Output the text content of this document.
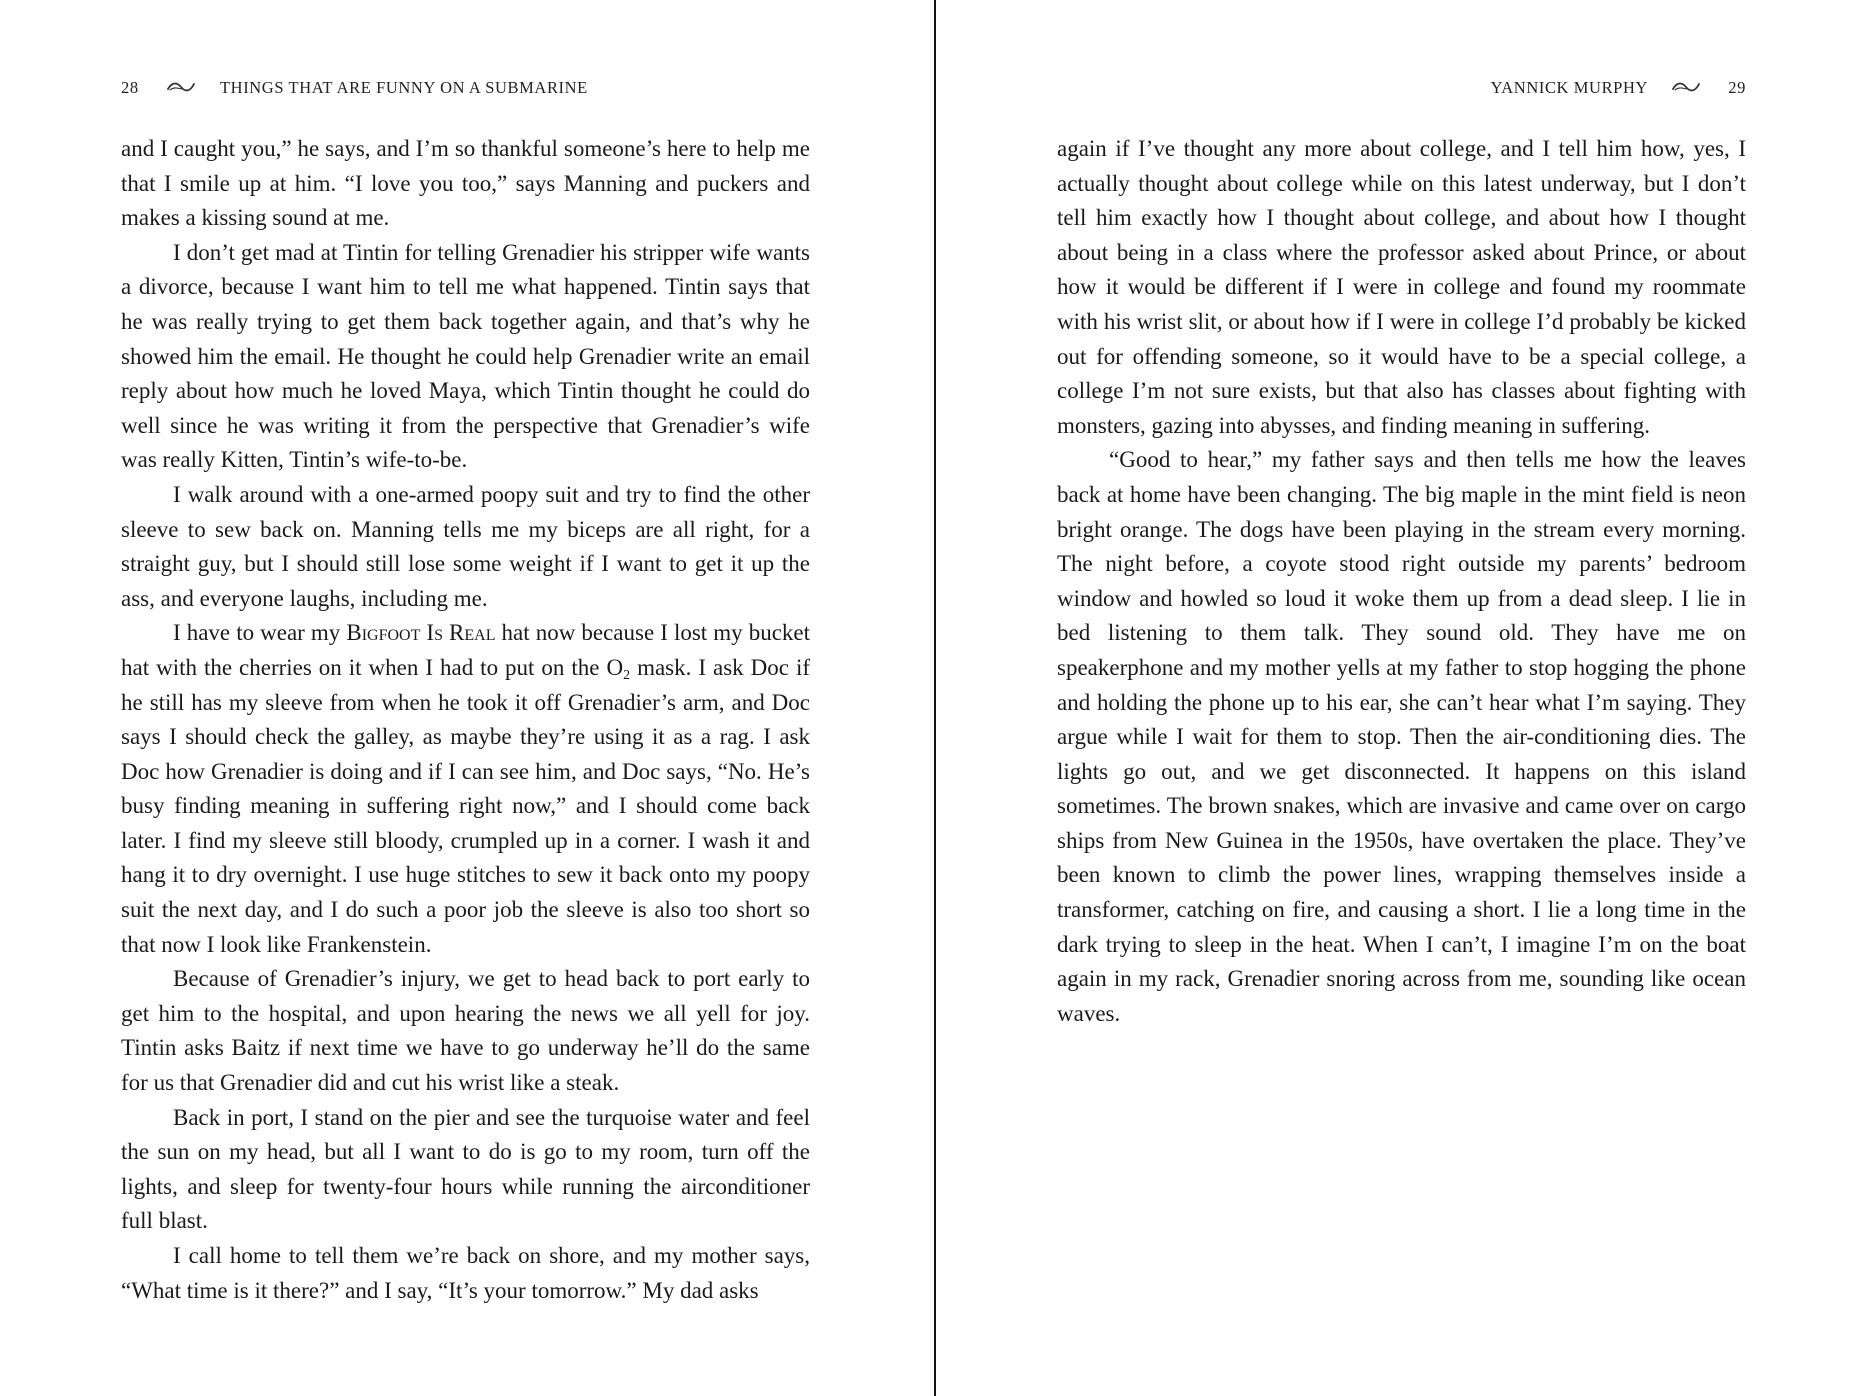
28	THINGS THAT ARE FUNNY ON A SUBMARINE

and I caught you,” he says, and I’m so thankful someone’s here to help me that I smile up at him. “I love you too,” says Manning and puckers and makes a kissing sound at me.

I don’t get mad at Tintin for telling Grenadier his stripper wife wants a divorce, because I want him to tell me what happened. Tintin says that he was really trying to get them back together again, and that’s why he showed him the email. He thought he could help Grenadier write an email reply about how much he loved Maya, which Tintin thought he could do well since he was writing it from the perspective that Grenadier’s wife was really Kitten, Tintin’s wife-to-be.

I walk around with a one-armed poopy suit and try to find the other sleeve to sew back on. Manning tells me my biceps are all right, for a straight guy, but I should still lose some weight if I want to get it up the ass, and everyone laughs, including me.

I have to wear my Bigfoot Is Real hat now because I lost my bucket hat with the cherries on it when I had to put on the $O_2$ mask. I ask Doc if he still has my sleeve from when he took it off Grenadier’s arm, and Doc says I should check the galley, as maybe they’re using it as a rag. I ask Doc how Grenadier is doing and if I can see him, and Doc says, “No. He’s busy finding meaning in suffering right now,” and I should come back later. I find my sleeve still bloody, crumpled up in a corner. I wash it and hang it to dry overnight. I use huge stitches to sew it back onto my poopy suit the next day, and I do such a poor job the sleeve is also too short so that now I look like Frankenstein.

Because of Grenadier’s injury, we get to head back to port early to get him to the hospital, and upon hearing the news we all yell for joy. Tintin asks Baitz if next time we have to go underway he’ll do the same for us that Grenadier did and cut his wrist like a steak.

Back in port, I stand on the pier and see the turquoise water and feel the sun on my head, but all I want to do is go to my room, turn off the lights, and sleep for twenty-four hours while running the airconditioner full blast.

I call home to tell them we’re back on shore, and my mother says, “What time is it there?” and I say, “It’s your tomorrow.” My dad asks

YANNICK MURPHY	29

again if I’ve thought any more about college, and I tell him how, yes, I actually thought about college while on this latest underway, but I don’t tell him exactly how I thought about college, and about how I thought about being in a class where the professor asked about Prince, or about how it would be different if I were in college and found my roommate with his wrist slit, or about how if I were in college I’d probably be kicked out for offending someone, so it would have to be a special college, a college I’m not sure exists, but that also has classes about fighting with monsters, gazing into abysses, and finding meaning in suffering.

“Good to hear,” my father says and then tells me how the leaves back at home have been changing. The big maple in the mint field is neon bright orange. The dogs have been playing in the stream every morning. The night before, a coyote stood right outside my parents’ bedroom window and howled so loud it woke them up from a dead sleep. I lie in bed listening to them talk. They sound old. They have me on speakerphone and my mother yells at my father to stop hogging the phone and holding the phone up to his ear, she can’t hear what I’m saying. They argue while I wait for them to stop. Then the air-conditioning dies. The lights go out, and we get disconnected. It happens on this island sometimes. The brown snakes, which are invasive and came over on cargo ships from New Guinea in the 1950s, have overtaken the place. They’ve been known to climb the power lines, wrapping themselves inside a transformer, catching on fire, and causing a short. I lie a long time in the dark trying to sleep in the heat. When I can’t, I imagine I’m on the boat again in my rack, Grenadier snoring across from me, sounding like ocean waves.
